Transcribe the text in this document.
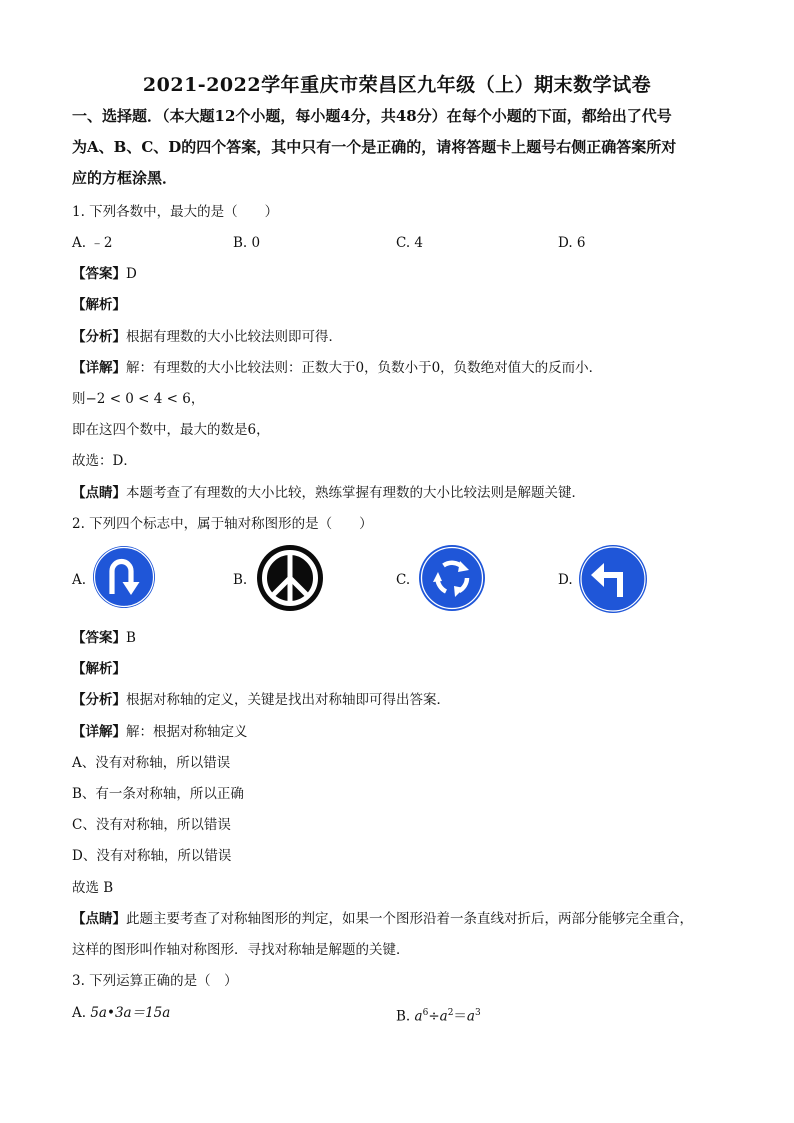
2021-2022学年重庆市荣昌区九年级（上）期末数学试卷
一、选择题．（本大题12个小题，每小题4分，共48分）在每个小题的下面，都给出了代号
为A、B、C、D的四个答案，其中只有一个是正确的，请将答题卡上题号右侧正确答案所对
应的方框涂黑．
1. 下列各数中，最大的是（　　）
A. ﹣2	B. 0	C. 4	D. 6
【答案】D
【解析】
【分析】根据有理数的大小比较法则即可得．
【详解】解：有理数的大小比较法则：正数大于0，负数小于0，负数绝对值大的反而小．
则−2 < 0 < 4 < 6，
即在这四个数中，最大的数是6，
故选：D．
【点睛】本题考查了有理数的大小比较，熟练掌握有理数的大小比较法则是解题关键．
2. 下列四个标志中，属于轴对称图形的是（　　）
A.	B.	C.	D.
【答案】B
【解析】
【分析】根据对称轴的定义，关键是找出对称轴即可得出答案．
【详解】解：根据对称轴定义
A、没有对称轴，所以错误
B、有一条对称轴，所以正确
C、没有对称轴，所以错误
D、没有对称轴，所以错误
故选 B
【点睛】此题主要考查了对称轴图形的判定，如果一个图形沿着一条直线对折后，两部分能够完全重合，
这样的图形叫作轴对称图形．寻找对称轴是解题的关键．
3. 下列运算正确的是（　）
A. 5a•3a＝15a	B. $a^6\div a^2=a^3$
